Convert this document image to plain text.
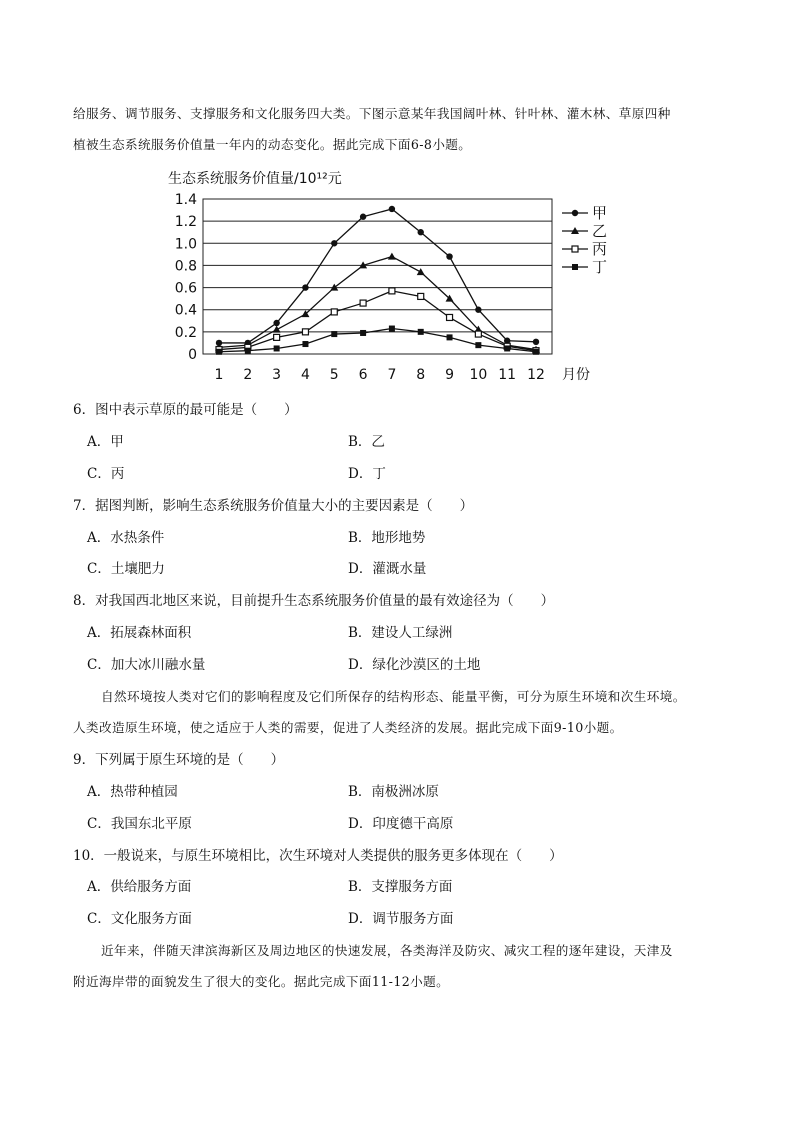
给服务、调节服务、支撑服务和文化服务四大类。下图示意某年我国阔叶林、针叶林、灌木林、草原四种
植被生态系统服务价值量一年内的动态变化。据此完成下面6-8小题。
生态系统服务价值量/10¹²元
0
0.2
0.4
0.6
0.8
1.0
1.2
1.4
1 2 3 4 5 6 7 8 9 10 11 12 月份
甲
乙
丙
丁
6．图中表示草原的最可能是（　　）
A．甲	B．乙
C．丙	D．丁
7．据图判断，影响生态系统服务价值量大小的主要因素是（　　）
A．水热条件	B．地形地势
C．土壤肥力	D．灌溉水量
8．对我国西北地区来说，目前提升生态系统服务价值量的最有效途径为（　　）
A．拓展森林面积	B．建设人工绿洲
C．加大冰川融水量	D．绿化沙漠区的土地
自然环境按人类对它们的影响程度及它们所保存的结构形态、能量平衡，可分为原生环境和次生环境。
人类改造原生环境，使之适应于人类的需要，促进了人类经济的发展。据此完成下面9-10小题。
9．下列属于原生环境的是（　　）
A．热带种植园	B．南极洲冰原
C．我国东北平原	D．印度德干高原
10．一般说来，与原生环境相比，次生环境对人类提供的服务更多体现在（　　）
A．供给服务方面	B．支撑服务方面
C．文化服务方面	D．调节服务方面
近年来，伴随天津滨海新区及周边地区的快速发展，各类海洋及防灾、减灾工程的逐年建设，天津及
附近海岸带的面貌发生了很大的变化。据此完成下面11-12小题。
